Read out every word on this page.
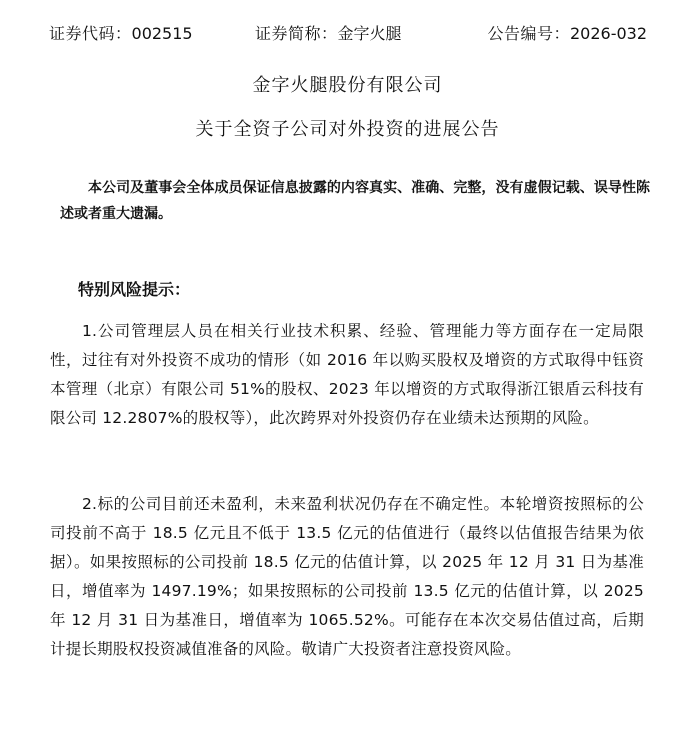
证券代码：002515	证券简称：金字火腿	公告编号：2026-032
金字火腿股份有限公司
关于全资子公司对外投资的进展公告
本公司及董事会全体成员保证信息披露的内容真实、准确、完整，没有虚假记载、误导性陈述或者重大遗漏。
特别风险提示：
1.公司管理层人员在相关行业技术积累、经验、管理能力等方面存在一定局限性，过往有对外投资不成功的情形（如 2016 年以购买股权及增资的方式取得中钰资本管理（北京）有限公司 51%的股权、2023 年以增资的方式取得浙江银盾云科技有限公司 12.2807%的股权等），此次跨界对外投资仍存在业绩未达预期的风险。
2.标的公司目前还未盈利，未来盈利状况仍存在不确定性。本轮增资按照标的公司投前不高于 18.5 亿元且不低于 13.5 亿元的估值进行（最终以估值报告结果为依据）。如果按照标的公司投前 18.5 亿元的估值计算，以 2025 年 12 月 31 日为基准日，增值率为 1497.19%；如果按照标的公司投前 13.5 亿元的估值计算，以 2025 年 12 月 31 日为基准日，增值率为 1065.52%。可能存在本次交易估值过高，后期计提长期股权投资减值准备的风险。敬请广大投资者注意投资风险。
